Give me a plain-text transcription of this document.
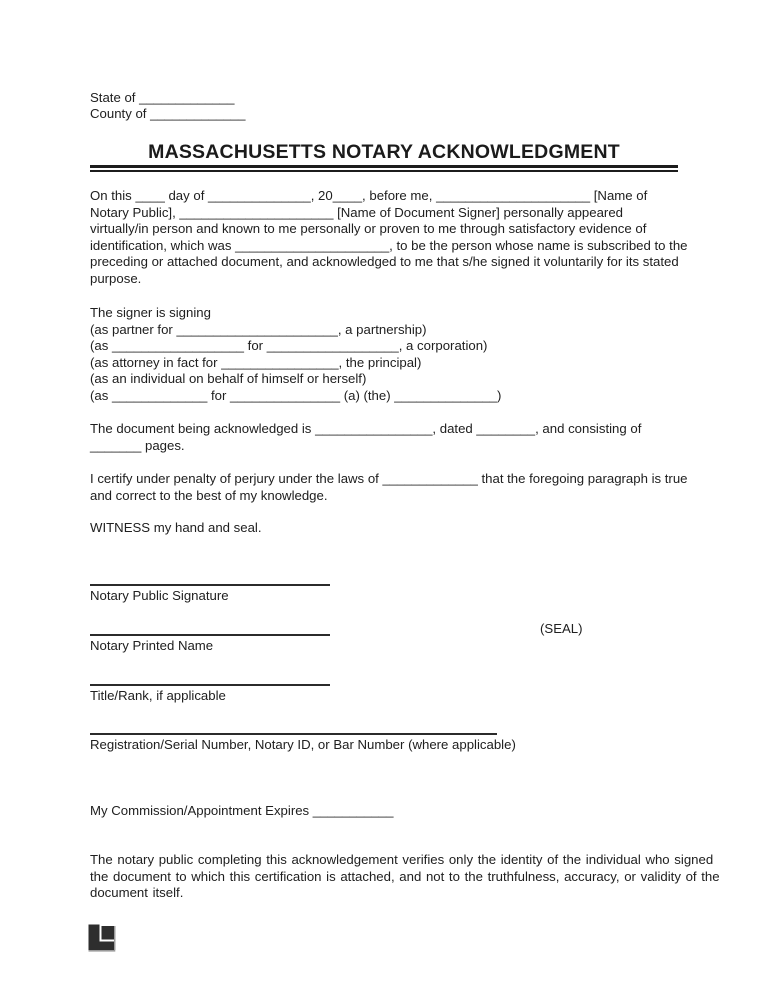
State of _____________
County of _____________
MASSACHUSETTS NOTARY ACKNOWLEDGMENT
On this ____ day of ______________, 20____, before me, _____________________ [Name of
Notary Public], _____________________ [Name of Document Signer] personally appeared
virtually/in person and known to me personally or proven to me through satisfactory evidence of
identification, which was _____________________, to be the person whose name is subscribed to the
preceding or attached document, and acknowledged to me that s/he signed it voluntarily for its stated
purpose.
The signer is signing
(as partner for ______________________, a partnership)
(as __________________ for __________________, a corporation)
(as attorney in fact for ________________, the principal)
(as an individual on behalf of himself or herself)
(as _____________ for _______________ (a) (the) ______________)
The document being acknowledged is ________________, dated ________, and consisting of
_______ pages.
I certify under penalty of perjury under the laws of _____________ that the foregoing paragraph is true
and correct to the best of my knowledge.
WITNESS my hand and seal.
Notary Public Signature
Notary Printed Name
(SEAL)
Title/Rank, if applicable
Registration/Serial Number, Notary ID, or Bar Number (where applicable)
My Commission/Appointment Expires ___________
The notary public completing this acknowledgement verifies only the identity of the individual who signed
the document to which this certification is attached, and not to the truthfulness, accuracy, or validity of the
document itself.
